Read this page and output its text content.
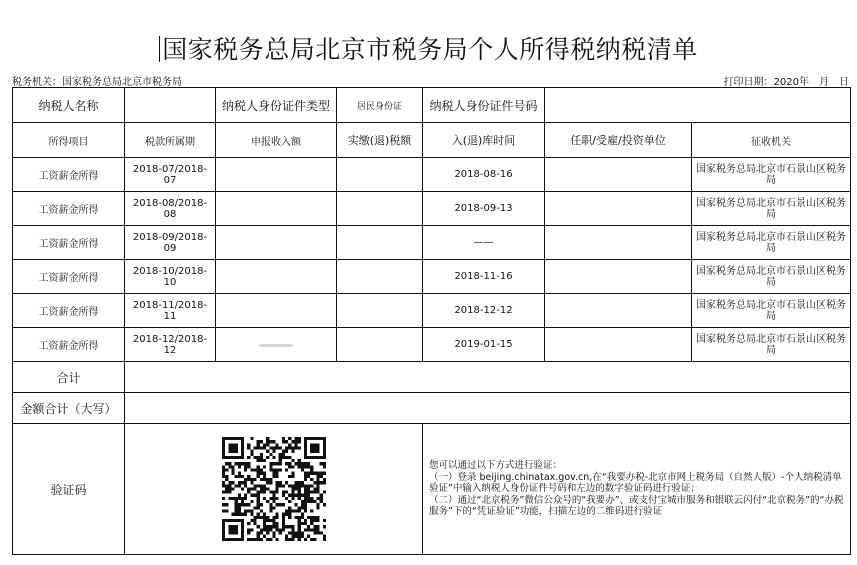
国家税务总局北京市税务局个人所得税纳税清单
税务机关：国家税务总局北京市税务局	打印日期：2020年　月　日
纳税人名称		纳税人身份证件类型	居民身份证	纳税人身份证件号码		
所得项目	税款所属期	申报收入额	实缴(退)税额	入(退)库时间	任职/受雇/投资单位	征收机关
工资薪金所得	2018-07/2018-07			2018-08-16		国家税务总局北京市石景山区税务局
工资薪金所得	2018-08/2018-08			2018-09-13		国家税务总局北京市石景山区税务局
工资薪金所得	2018-09/2018-09			——		国家税务总局北京市石景山区税务局
工资薪金所得	2018-10/2018-10			2018-11-16		国家税务总局北京市石景山区税务局
工资薪金所得	2018-11/2018-11			2018-12-12		国家税务总局北京市石景山区税务局
工资薪金所得	2018-12/2018-12			2019-01-15		国家税务总局北京市石景山区税务局
合计						
金额合计（大写）						
验证码				您可以通过以下方式进行验证：
（一）登录 beijing.chinatax.gov.cn,在“我要办税-北京市网上税务局（自然人版）-个人纳税清单验证”中输入纳税人身份证件号码和左边的数字验证码进行验证；
（二）通过“北京税务”微信公众号的“我要办”、或支付宝城市服务和银联云闪付“北京税务”的“办税服务”下的“凭证验证”功能，扫描左边的二维码进行验证		
